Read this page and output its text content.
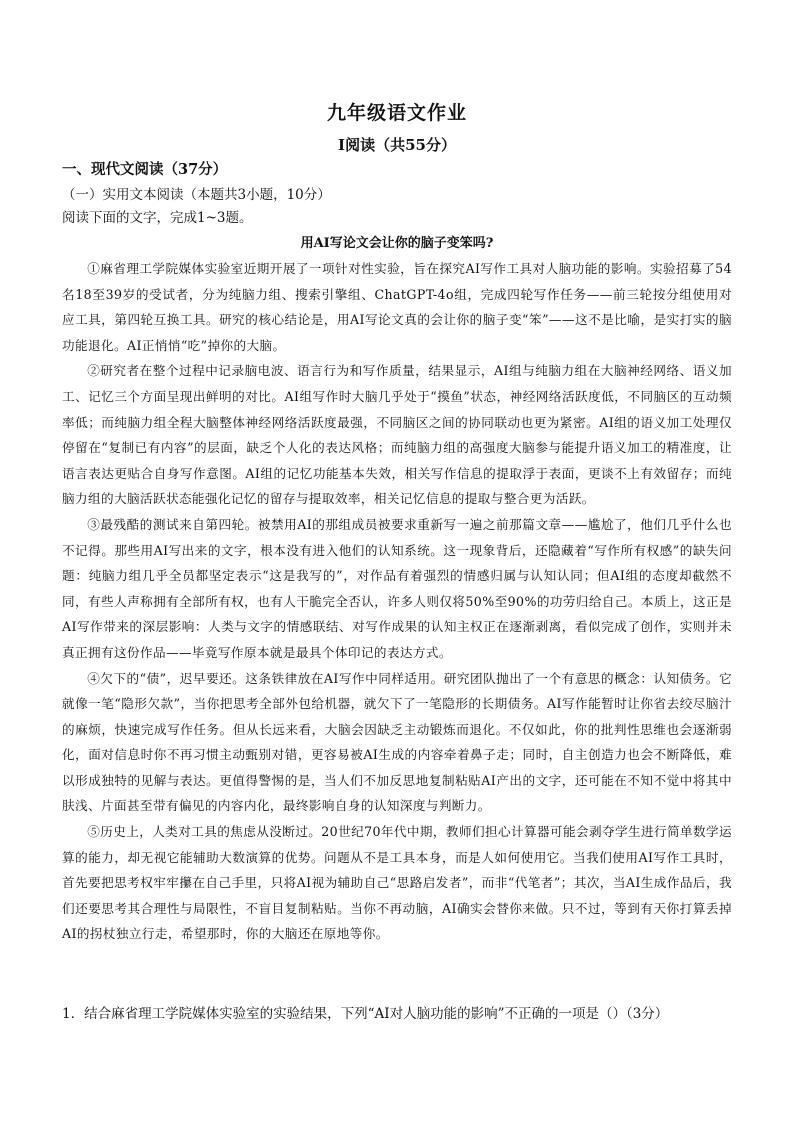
九年级语文作业
Ⅰ阅读（共55分）
一、现代文阅读（37分）
（一）实用文本阅读（本题共3小题，10分）
阅读下面的文字，完成1~3题。
用AI写论文会让你的脑子变笨吗?

①麻省理工学院媒体实验室近期开展了一项针对性实验，旨在探究AI写作工具对人脑功能的影响。实验招募了54名18至39岁的受试者，分为纯脑力组、搜索引擎组、ChatGPT-4o组，完成四轮写作任务——前三轮按分组使用对应工具，第四轮互换工具。研究的核心结论是，用AI写论文真的会让你的脑子变“笨”——这不是比喻，是实打实的脑功能退化。AI正悄悄“吃”掉你的大脑。

②研究者在整个过程中记录脑电波、语言行为和写作质量，结果显示，AI组与纯脑力组在大脑神经网络、语义加工、记忆三个方面呈现出鲜明的对比。AI组写作时大脑几乎处于“摸鱼”状态，神经网络活跃度低，不同脑区的互动频率低；而纯脑力组全程大脑整体神经网络活跃度最强，不同脑区之间的协同联动也更为紧密。AI组的语义加工处理仅停留在“复制已有内容”的层面，缺乏个人化的表达风格；而纯脑力组的高强度大脑参与能提升语义加工的精准度，让语言表达更贴合自身写作意图。AI组的记忆功能基本失效，相关写作信息的提取浮于表面，更谈不上有效留存；而纯脑力组的大脑活跃状态能强化记忆的留存与提取效率，相关记忆信息的提取与整合更为活跃。

③最残酷的测试来自第四轮。被禁用AI的那组成员被要求重新写一遍之前那篇文章——尴尬了，他们几乎什么也不记得。那些用AI写出来的文字，根本没有进入他们的认知系统。这一现象背后，还隐藏着“写作所有权感”的缺失问题：纯脑力组几乎全员都坚定表示“这是我写的”，对作品有着强烈的情感归属与认知认同；但AI组的态度却截然不同，有些人声称拥有全部所有权，也有人干脆完全否认，许多人则仅将50%至90%的功劳归给自己。本质上，这正是AI写作带来的深层影响：人类与文字的情感联结、对写作成果的认知主权正在逐渐剥离，看似完成了创作，实则并未真正拥有这份作品——毕竟写作原本就是最具个体印记的表达方式。

④欠下的“债”，迟早要还。这条铁律放在AI写作中同样适用。研究团队抛出了一个有意思的概念：认知债务。它就像一笔“隐形欠款”，当你把思考全部外包给机器，就欠下了一笔隐形的长期债务。AI写作能暂时让你省去绞尽脑汁的麻烦，快速完成写作任务。但从长远来看，大脑会因缺乏主动锻炼而退化。不仅如此，你的批判性思维也会逐渐弱化，面对信息时你不再习惯主动甄别对错，更容易被AI生成的内容牵着鼻子走；同时，自主创造力也会不断降低，难以形成独特的见解与表达。更值得警惕的是，当人们不加反思地复制粘贴AI产出的文字，还可能在不知不觉中将其中肤浅、片面甚至带有偏见的内容内化，最终影响自身的认知深度与判断力。

⑤历史上，人类对工具的焦虑从没断过。20世纪70年代中期，教师们担心计算器可能会剥夺学生进行简单数学运算的能力，却无视它能辅助大数演算的优势。问题从不是工具本身，而是人如何使用它。当我们使用AI写作工具时，首先要把思考权牢牢攥在自己手里，只将AI视为辅助自己“思路启发者”，而非“代笔者”；其次，当AI生成作品后，我们还要思考其合理性与局限性，不盲目复制粘贴。当你不再动脑，AI确实会替你来做。只不过，等到有天你打算丢掉AI的拐杖独立行走，希望那时，你的大脑还在原地等你。

1．结合麻省理工学院媒体实验室的实验结果，下列“AI对人脑功能的影响”不正确的一项是（）（3分）
